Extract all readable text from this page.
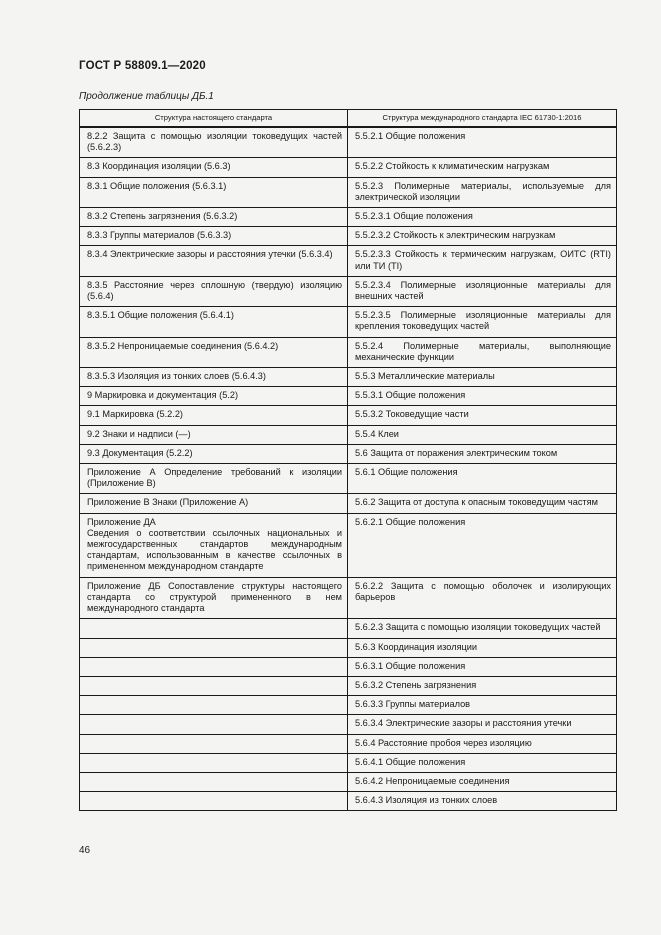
ГОСТ Р 58809.1—2020
Продолжение таблицы ДБ.1
Структура настоящего стандарта	Структура международного стандарта IEC 61730-1:2016
8.2.2 Защита с помощью изоляции токоведущих частей (5.6.2.3)	5.5.2.1 Общие положения
8.3 Координация изоляции (5.6.3)	5.5.2.2 Стойкость к климатическим нагрузкам
8.3.1 Общие положения (5.6.3.1)	5.5.2.3 Полимерные материалы, используемые для электрической изоляции
8.3.2 Степень загрязнения (5.6.3.2)	5.5.2.3.1 Общие положения
8.3.3 Группы материалов (5.6.3.3)	5.5.2.3.2 Стойкость к электрическим нагрузкам
8.3.4 Электрические зазоры и расстояния утечки (5.6.3.4)	5.5.2.3.3 Стойкость к термическим нагрузкам, ОИТС (RTI) или ТИ (TI)
8.3.5 Расстояние через сплошную (твердую) изоляцию (5.6.4)	5.5.2.3.4 Полимерные изоляционные материалы для внешних частей
8.3.5.1 Общие положения (5.6.4.1)	5.5.2.3.5 Полимерные изоляционные материалы для крепления токоведущих частей
8.3.5.2 Непроницаемые соединения (5.6.4.2)	5.5.2.4 Полимерные материалы, выполняющие механические функции
8.3.5.3 Изоляция из тонких слоев (5.6.4.3)	5.5.3 Металлические материалы
9 Маркировка и документация (5.2)	5.5.3.1 Общие положения
9.1 Маркировка (5.2.2)	5.5.3.2 Токоведущие части
9.2 Знаки и надписи (—)	5.5.4 Клеи
9.3 Документация (5.2.2)	5.6 Защита от поражения электрическим током
Приложение А Определение требований к изоляции (Приложение В)	5.6.1 Общие положения
Приложение В Знаки (Приложение А)	5.6.2 Защита от доступа к опасным токоведущим частям
Приложение ДА
Сведения о соответствии ссылочных национальных и межгосударственных стандартов международным стандартам, использованным в качестве ссылочных в примененном международном стандарте	5.6.2.1 Общие положения
Приложение ДБ Сопоставление структуры настоящего стандарта со структурой примененного в нем международного стандарта	5.6.2.2 Защита с помощью оболочек и изолирующих барьеров
	5.6.2.3 Защита с помощью изоляции токоведущих частей
	5.6.3 Координация изоляции
	5.6.3.1 Общие положения
	5.6.3.2 Степень загрязнения
	5.6.3.3 Группы материалов
	5.6.3.4 Электрические зазоры и расстояния утечки
	5.6.4 Расстояние пробоя через изоляцию
	5.6.4.1 Общие положения
	5.6.4.2 Непроницаемые соединения
	5.6.4.3 Изоляция из тонких слоев
46
